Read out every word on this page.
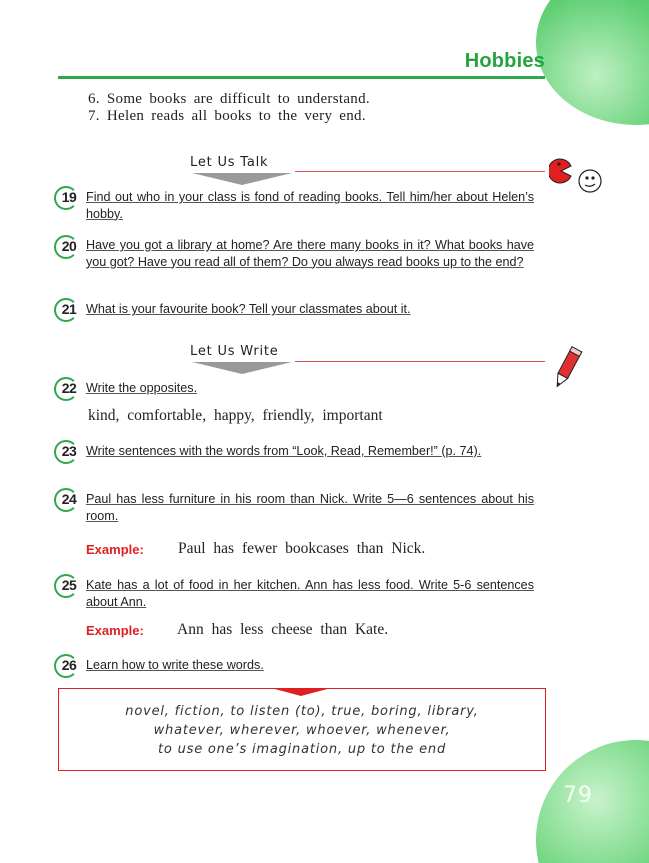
Hobbies
6. Some books are difficult to understand.
7. Helen reads all books to the very end.
Let Us Talk
19 Find out who in your class is fond of reading books. Tell him/her about Helen’s hobby.
20 Have you got a library at home? Are there many books in it? What books have you got? Have you read all of them? Do you always read books up to the end?
21 What is your favourite book? Tell your classmates about it.
Let Us Write
22 Write the opposites.
kind, comfortable, happy, friendly, important
23 Write sentences with the words from “Look, Read, Remember!” (p. 74).
24 Paul has less furniture in his room than Nick. Write 5—6 sentences about his room.
Example: Paul has fewer bookcases than Nick.
25 Kate has a lot of food in her kitchen. Ann has less food. Write 5-6 sentences about Ann.
Example: Ann has less cheese than Kate.
26 Learn how to write these words.
novel, fiction, to listen (to), true, boring, library,
whatever, wherever, whoever, whenever,
to use one’s imagination, up to the end
79
